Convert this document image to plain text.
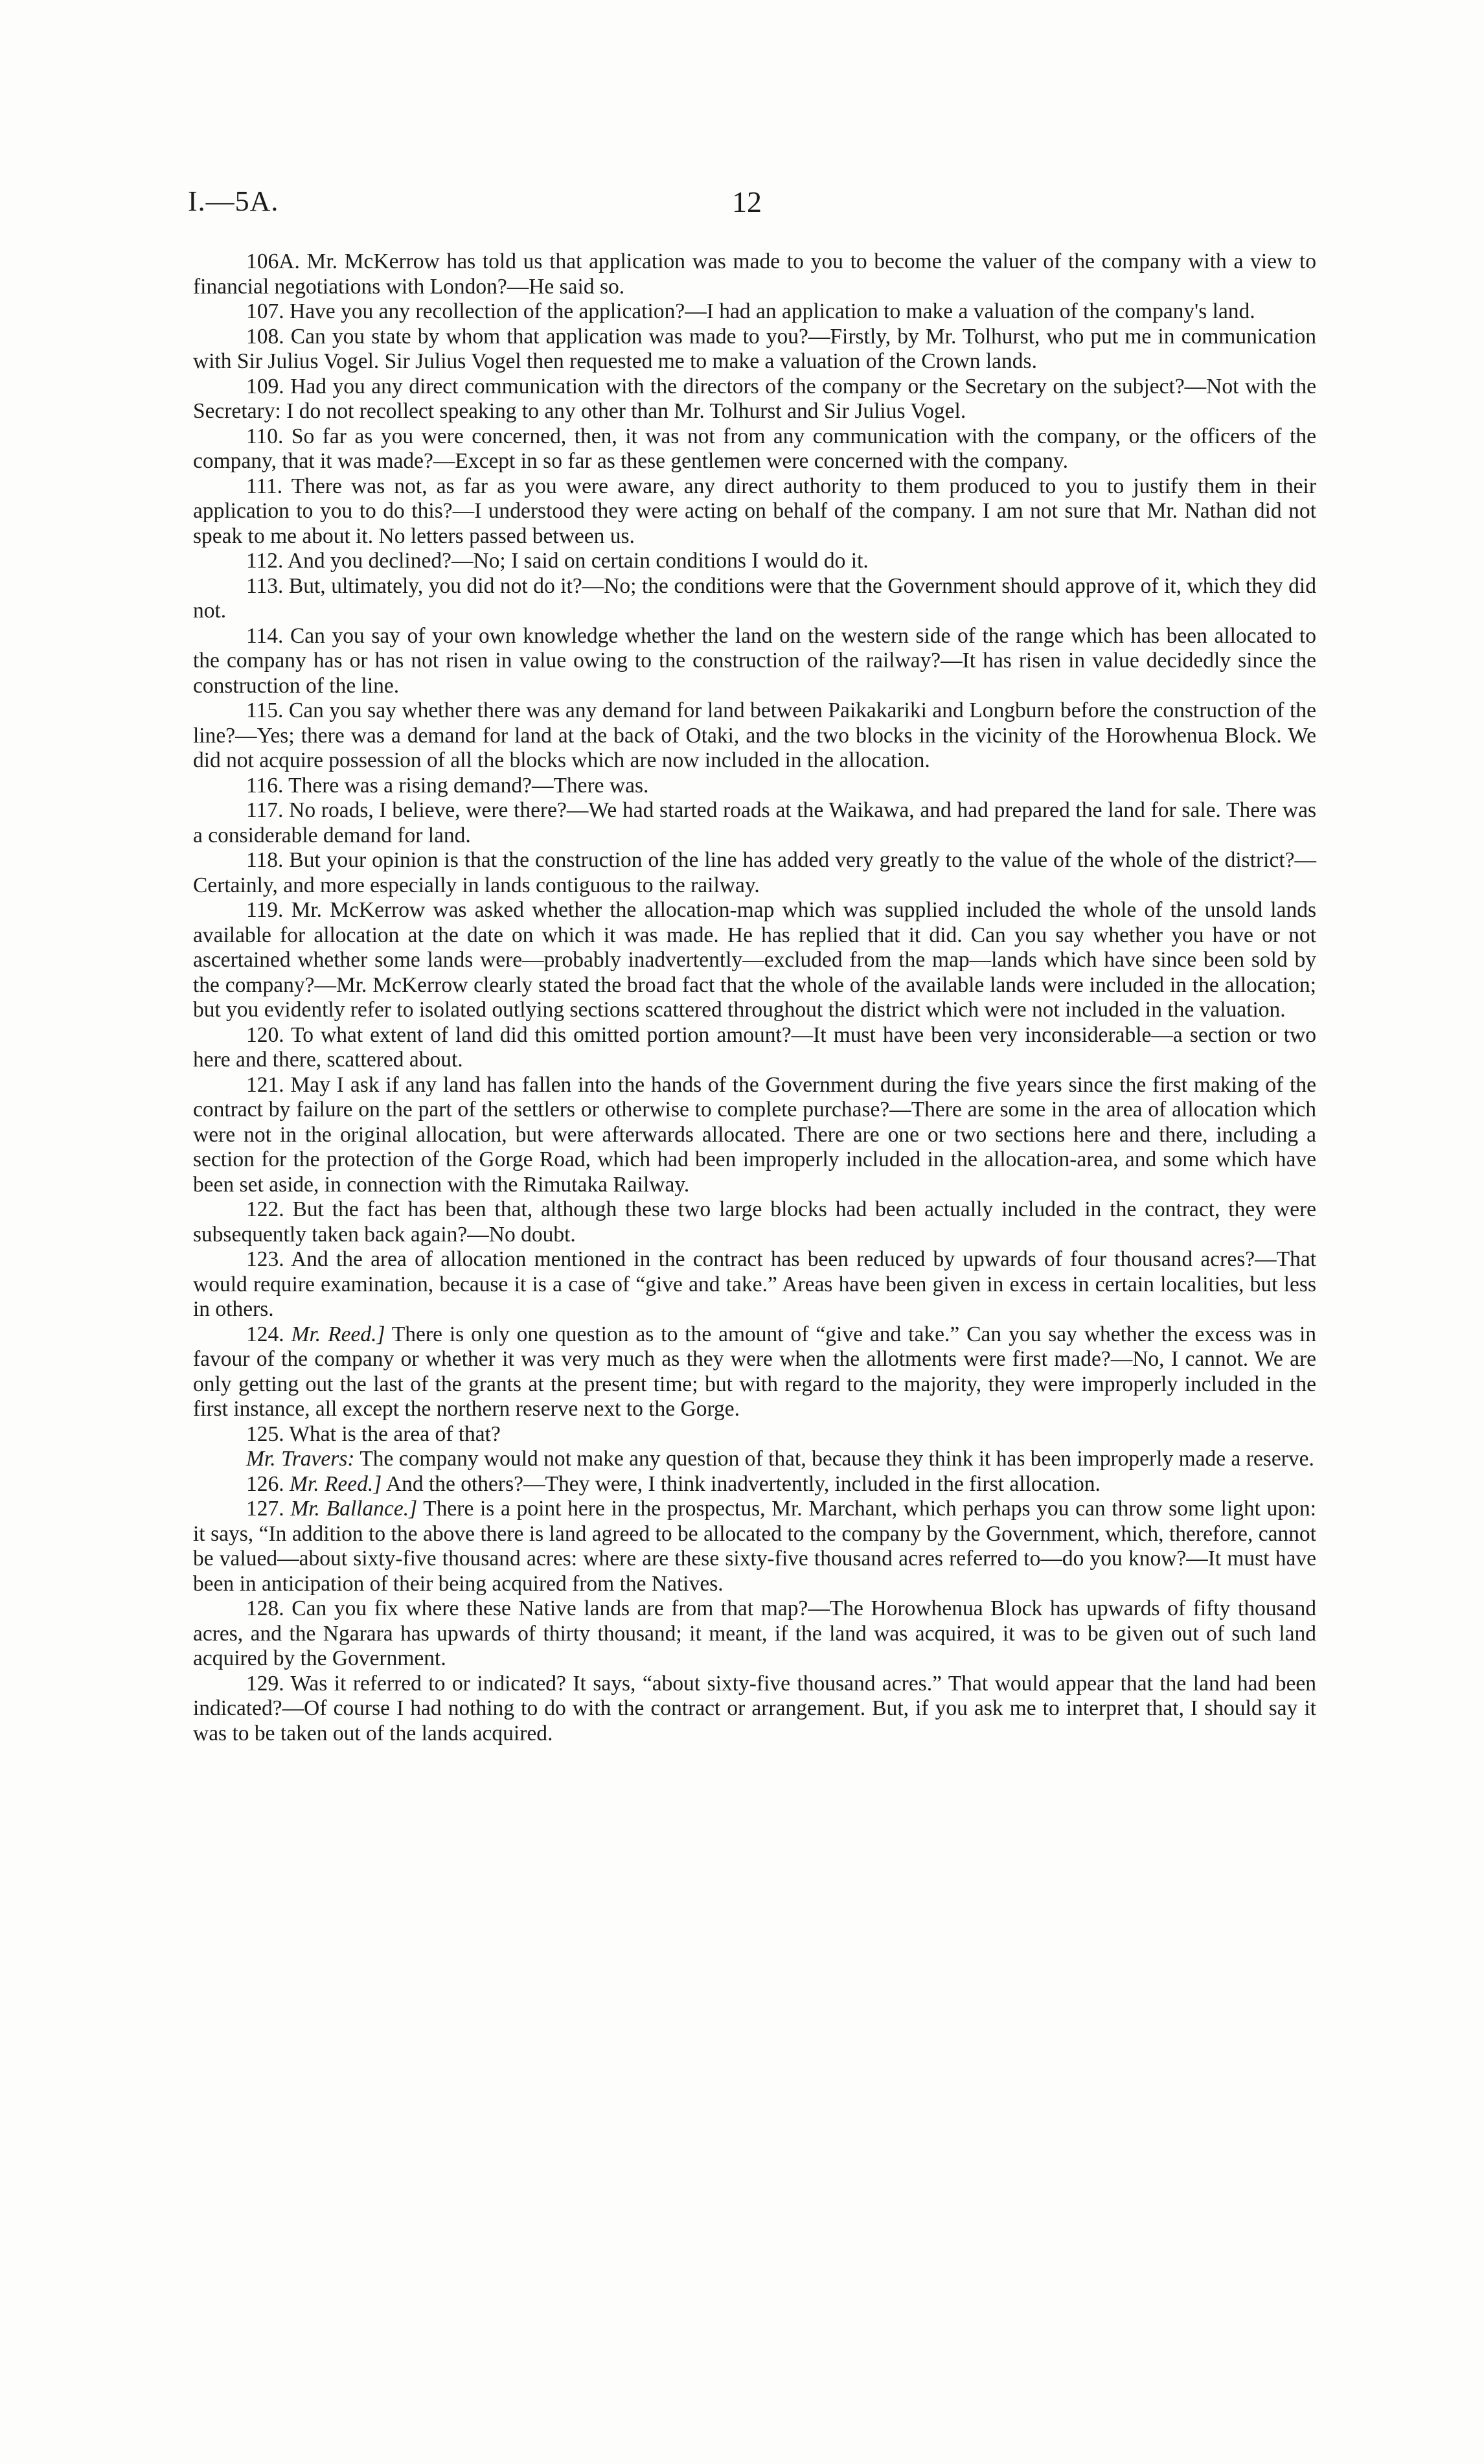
I.—5A.	12

106A. Mr. McKerrow has told us that application was made to you to become the valuer of the company with a view to financial negotiations with London?—He said so.

107. Have you any recollection of the application?—I had an application to make a valuation of the company's land.

108. Can you state by whom that application was made to you?—Firstly, by Mr. Tolhurst, who put me in communication with Sir Julius Vogel. Sir Julius Vogel then requested me to make a valuation of the Crown lands.

109. Had you any direct communication with the directors of the company or the Secretary on the subject?—Not with the Secretary: I do not recollect speaking to any other than Mr. Tolhurst and Sir Julius Vogel.

110. So far as you were concerned, then, it was not from any communication with the company, or the officers of the company, that it was made?—Except in so far as these gentlemen were concerned with the company.

111. There was not, as far as you were aware, any direct authority to them produced to you to justify them in their application to you to do this?—I understood they were acting on behalf of the company. I am not sure that Mr. Nathan did not speak to me about it. No letters passed between us.

112. And you declined?—No; I said on certain conditions I would do it.

113. But, ultimately, you did not do it?—No; the conditions were that the Government should approve of it, which they did not.

114. Can you say of your own knowledge whether the land on the western side of the range which has been allocated to the company has or has not risen in value owing to the construction of the railway?—It has risen in value decidedly since the construction of the line.

115. Can you say whether there was any demand for land between Paikakariki and Longburn before the construction of the line?—Yes; there was a demand for land at the back of Otaki, and the two blocks in the vicinity of the Horowhenua Block. We did not acquire possession of all the blocks which are now included in the allocation.

116. There was a rising demand?—There was.

117. No roads, I believe, were there?—We had started roads at the Waikawa, and had prepared the land for sale. There was a considerable demand for land.

118. But your opinion is that the construction of the line has added very greatly to the value of the whole of the district?—Certainly, and more especially in lands contiguous to the railway.

119. Mr. McKerrow was asked whether the allocation-map which was supplied included the whole of the unsold lands available for allocation at the date on which it was made. He has replied that it did. Can you say whether you have or not ascertained whether some lands were—probably inadvertently—excluded from the map—lands which have since been sold by the company?—Mr. McKerrow clearly stated the broad fact that the whole of the available lands were included in the allocation; but you evidently refer to isolated outlying sections scattered throughout the district which were not included in the valuation.

120. To what extent of land did this omitted portion amount?—It must have been very inconsiderable—a section or two here and there, scattered about.

121. May I ask if any land has fallen into the hands of the Government during the five years since the first making of the contract by failure on the part of the settlers or otherwise to complete purchase?—There are some in the area of allocation which were not in the original allocation, but were afterwards allocated. There are one or two sections here and there, including a section for the protection of the Gorge Road, which had been improperly included in the allocation-area, and some which have been set aside, in connection with the Rimutaka Railway.

122. But the fact has been that, although these two large blocks had been actually included in the contract, they were subsequently taken back again?—No doubt.

123. And the area of allocation mentioned in the contract has been reduced by upwards of four thousand acres?—That would require examination, because it is a case of “give and take.” Areas have been given in excess in certain localities, but less in others.

124. Mr. Reed.] There is only one question as to the amount of “give and take.” Can you say whether the excess was in favour of the company or whether it was very much as they were when the allotments were first made?—No, I cannot. We are only getting out the last of the grants at the present time; but with regard to the majority, they were improperly included in the first instance, all except the northern reserve next to the Gorge.

125. What is the area of that?

Mr. Travers: The company would not make any question of that, because they think it has been improperly made a reserve.

126. Mr. Reed.] And the others?—They were, I think inadvertently, included in the first allocation.

127. Mr. Ballance.] There is a point here in the prospectus, Mr. Marchant, which perhaps you can throw some light upon: it says, “In addition to the above there is land agreed to be allocated to the company by the Government, which, therefore, cannot be valued—about sixty-five thousand acres: where are these sixty-five thousand acres referred to—do you know?—It must have been in anticipation of their being acquired from the Natives.

128. Can you fix where these Native lands are from that map?—The Horowhenua Block has upwards of fifty thousand acres, and the Ngarara has upwards of thirty thousand; it meant, if the land was acquired, it was to be given out of such land acquired by the Government.

129. Was it referred to or indicated? It says, “about sixty-five thousand acres.” That would appear that the land had been indicated?—Of course I had nothing to do with the contract or arrangement. But, if you ask me to interpret that, I should say it was to be taken out of the lands acquired.
